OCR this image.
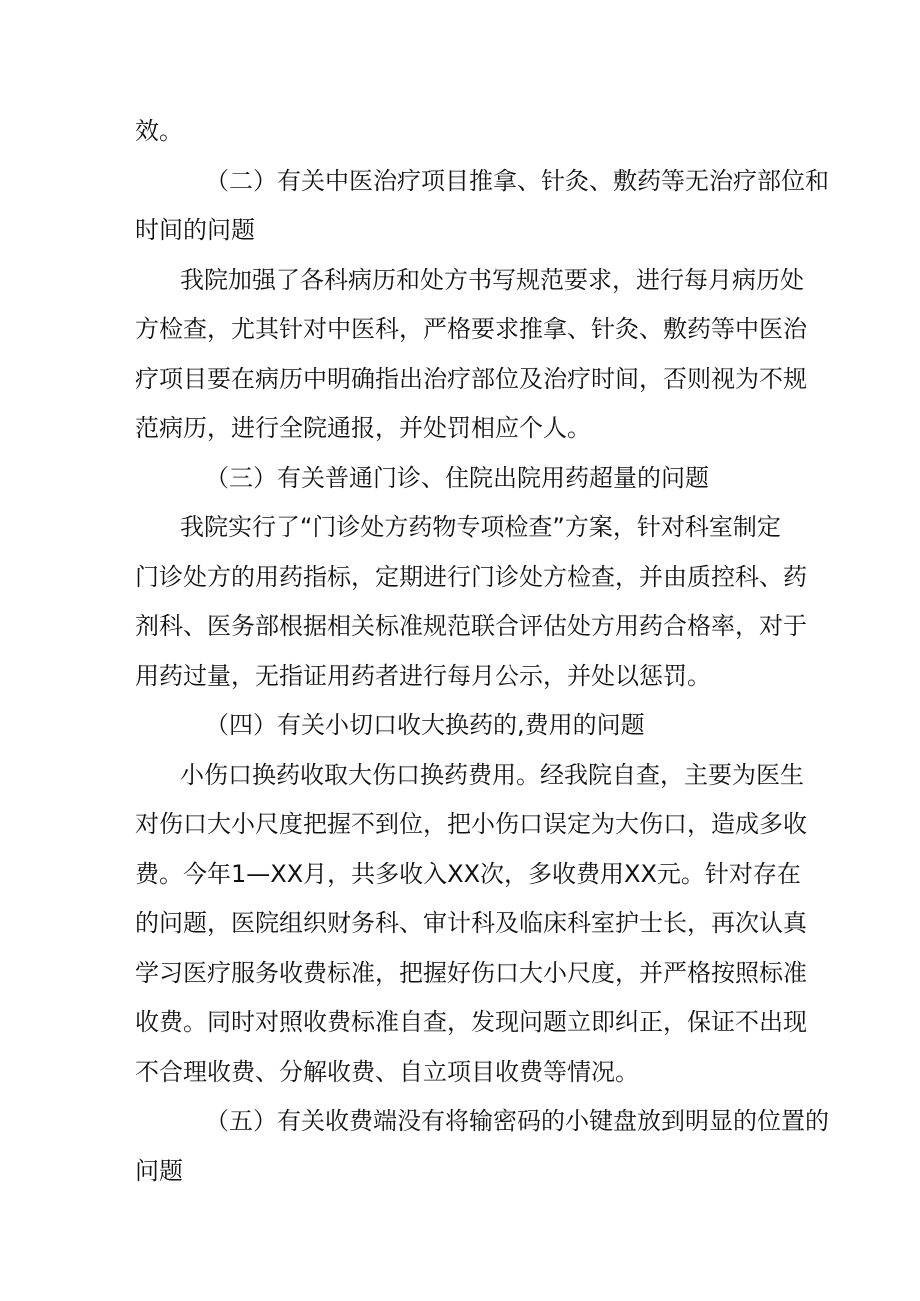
效。
（二）有关中医治疗项目推拿、针灸、敷药等无治疗部位和
时间的问题
我院加强了各科病历和处方书写规范要求，进行每月病历处
方检查，尤其针对中医科，严格要求推拿、针灸、敷药等中医治
疗项目要在病历中明确指出治疗部位及治疗时间，否则视为不规
范病历，进行全院通报，并处罚相应个人。
（三）有关普通门诊、住院出院用药超量的问题
我院实行了“门诊处方药物专项检查”方案，针对科室制定
门诊处方的用药指标，定期进行门诊处方检查，并由质控科、药
剂科、医务部根据相关标准规范联合评估处方用药合格率，对于
用药过量，无指证用药者进行每月公示，并处以惩罚。
（四）有关小切口收大换药的,费用的问题
小伤口换药收取大伤口换药费用。经我院自查，主要为医生
对伤口大小尺度把握不到位，把小伤口误定为大伤口，造成多收
费。今年1—XX月，共多收入XX次，多收费用XX元。针对存在
的问题，医院组织财务科、审计科及临床科室护士长，再次认真
学习医疗服务收费标准，把握好伤口大小尺度，并严格按照标准
收费。同时对照收费标准自查，发现问题立即纠正，保证不出现
不合理收费、分解收费、自立项目收费等情况。
（五）有关收费端没有将输密码的小键盘放到明显的位置的
问题
